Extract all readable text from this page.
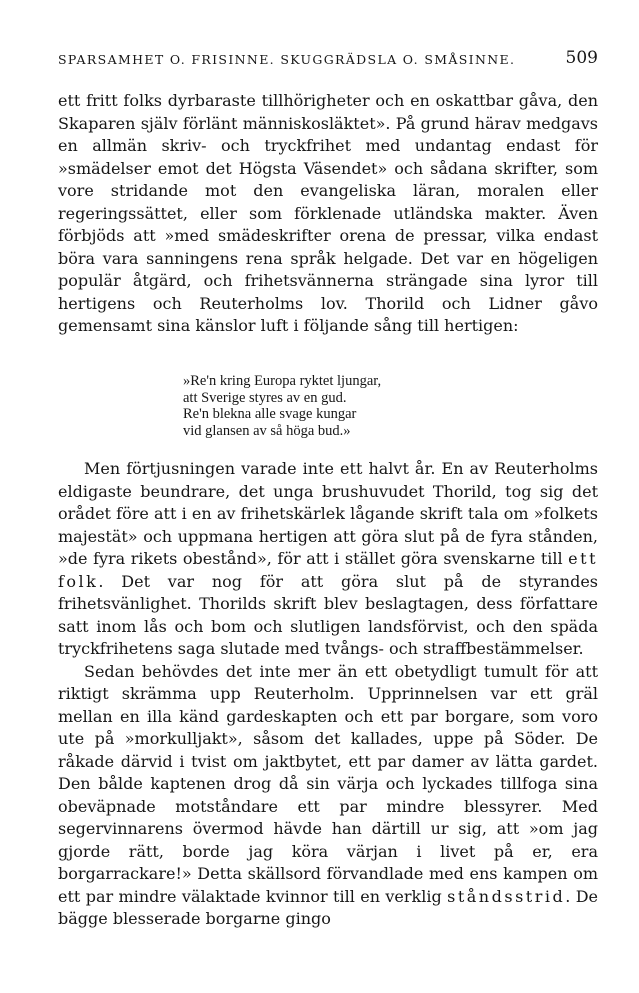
SPARSAMHET O. FRISINNE. SKUGGRÄDSLA O. SMÅSINNE.	509

ett fritt folks dyrbaraste tillhörigheter och en oskattbar gåva, den Skaparen själv förlänt människosläktet». På grund härav medgavs en allmän skriv- och tryckfrihet med undantag endast för »smädelser emot det Högsta Väsendet» och sådana skrifter, som vore stridande mot den evangeliska läran, moralen eller regeringssättet, eller som förklenade utländska makter. Även förbjöds att »med smädeskrifter orena de pressar, vilka endast böra vara sanningens rena språk helgade. Det var en högeligen populär åtgärd, och frihetsvännerna strängade sina lyror till hertigens och Reuterholms lov. Thorild och Lidner gåvo gemensamt sina känslor luft i följande sång till hertigen:

»Re'n kring Europa ryktet ljungar,
att Sverige styres av en gud.
Re'n blekna alle svage kungar
vid glansen av så höga bud.»

Men förtjusningen varade inte ett halvt år. En av Reuterholms eldigaste beundrare, det unga brushuvudet Thorild, tog sig det orådet före att i en av frihetskärlek lågande skrift tala om »folkets majestät» och uppmana hertigen att göra slut på de fyra stånden, »de fyra rikets obestånd», för att i stället göra svenskarne till ett folk. Det var nog för att göra slut på de styrandes frihetsvänlighet. Thorilds skrift blev beslagtagen, dess författare satt inom lås och bom och slutligen landsförvist, och den späda tryckfrihetens saga slutade med tvångs- och straffbestämmelser.

Sedan behövdes det inte mer än ett obetydligt tumult för att riktigt skrämma upp Reuterholm. Upprinnelsen var ett gräl mellan en illa känd gardeskapten och ett par borgare, som voro ute på »morkulljakt», såsom det kallades, uppe på Söder. De råkade därvid i tvist om jaktbytet, ett par damer av lätta gardet. Den bålde kaptenen drog då sin värja och lyckades tillfoga sina obeväpnade motståndare ett par mindre blessyrer. Med segervinnarens övermod hävde han därtill ur sig, att »om jag gjorde rätt, borde jag köra värjan i livet på er, era borgarrackare!» Detta skällsord förvandlade med ens kampen om ett par mindre välaktade kvinnor till en verklig ståndsstrid. De bägge blesserade borgarne gingo
